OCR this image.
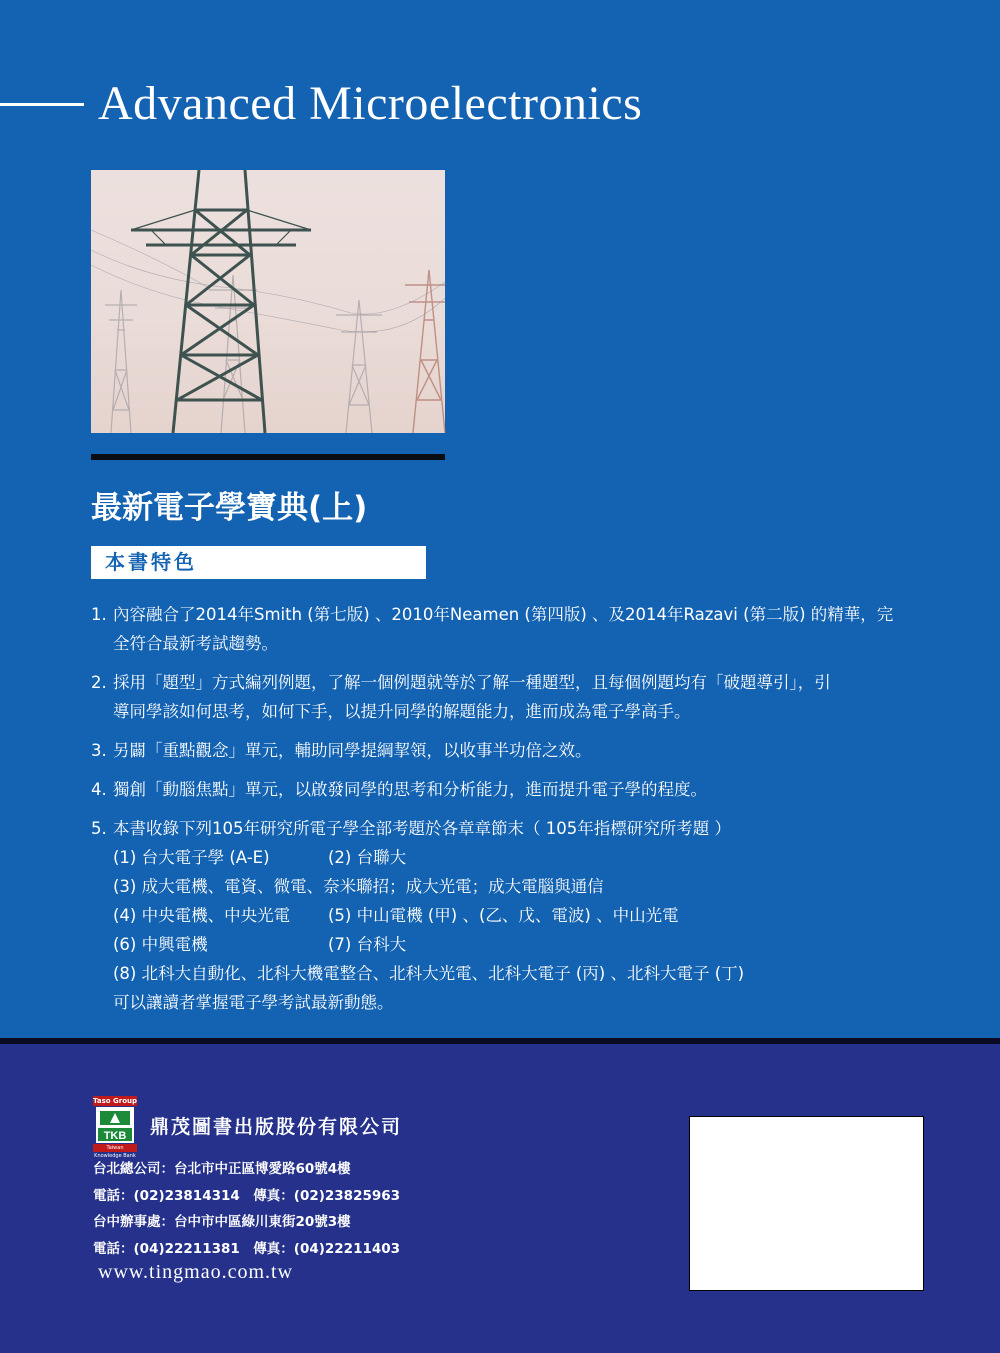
Advanced Microelectronics
最新電子學寶典(上)
本書特色
1. 內容融合了2014年Smith (第七版) 、2010年Neamen (第四版) 、及2014年Razavi (第二版) 的精華，完
全符合最新考試趨勢。
2. 採用「題型」方式編列例題，了解一個例題就等於了解一種題型，且每個例題均有「破題導引」，引
導同學該如何思考，如何下手，以提升同學的解題能力，進而成為電子學高手。
3. 另闢「重點觀念」單元，輔助同學提綱挈領，以收事半功倍之效。
4. 獨創「動腦焦點」單元，以啟發同學的思考和分析能力，進而提升電子學的程度。
5. 本書收錄下列105年研究所電子學全部考題於各章章節末（ 105年指標研究所考題 ）
(1) 台大電子學 (A-E)	(2) 台聯大
(3) 成大電機、電資、微電、奈米聯招；成大光電；成大電腦與通信
(4) 中央電機、中央光電	(5) 中山電機 (甲) 、(乙、戊、電波) 、中山光電
(6) 中興電機	(7) 台科大
(8) 北科大自動化、北科大機電整合、北科大光電、北科大電子 (丙) 、北科大電子 (丁)
可以讓讀者掌握電子學考試最新動態。
Taso Group
TKB
Taiwan Knowledge Bank
鼎茂圖書出版股份有限公司
台北總公司：台北市中正區博愛路60號4樓
電話：(02)23814314　傳真：(02)23825963
台中辦事處：台中市中區綠川東街20號3樓
電話：(04)22211381　傳真：(04)22211403
www.tingmao.com.tw
